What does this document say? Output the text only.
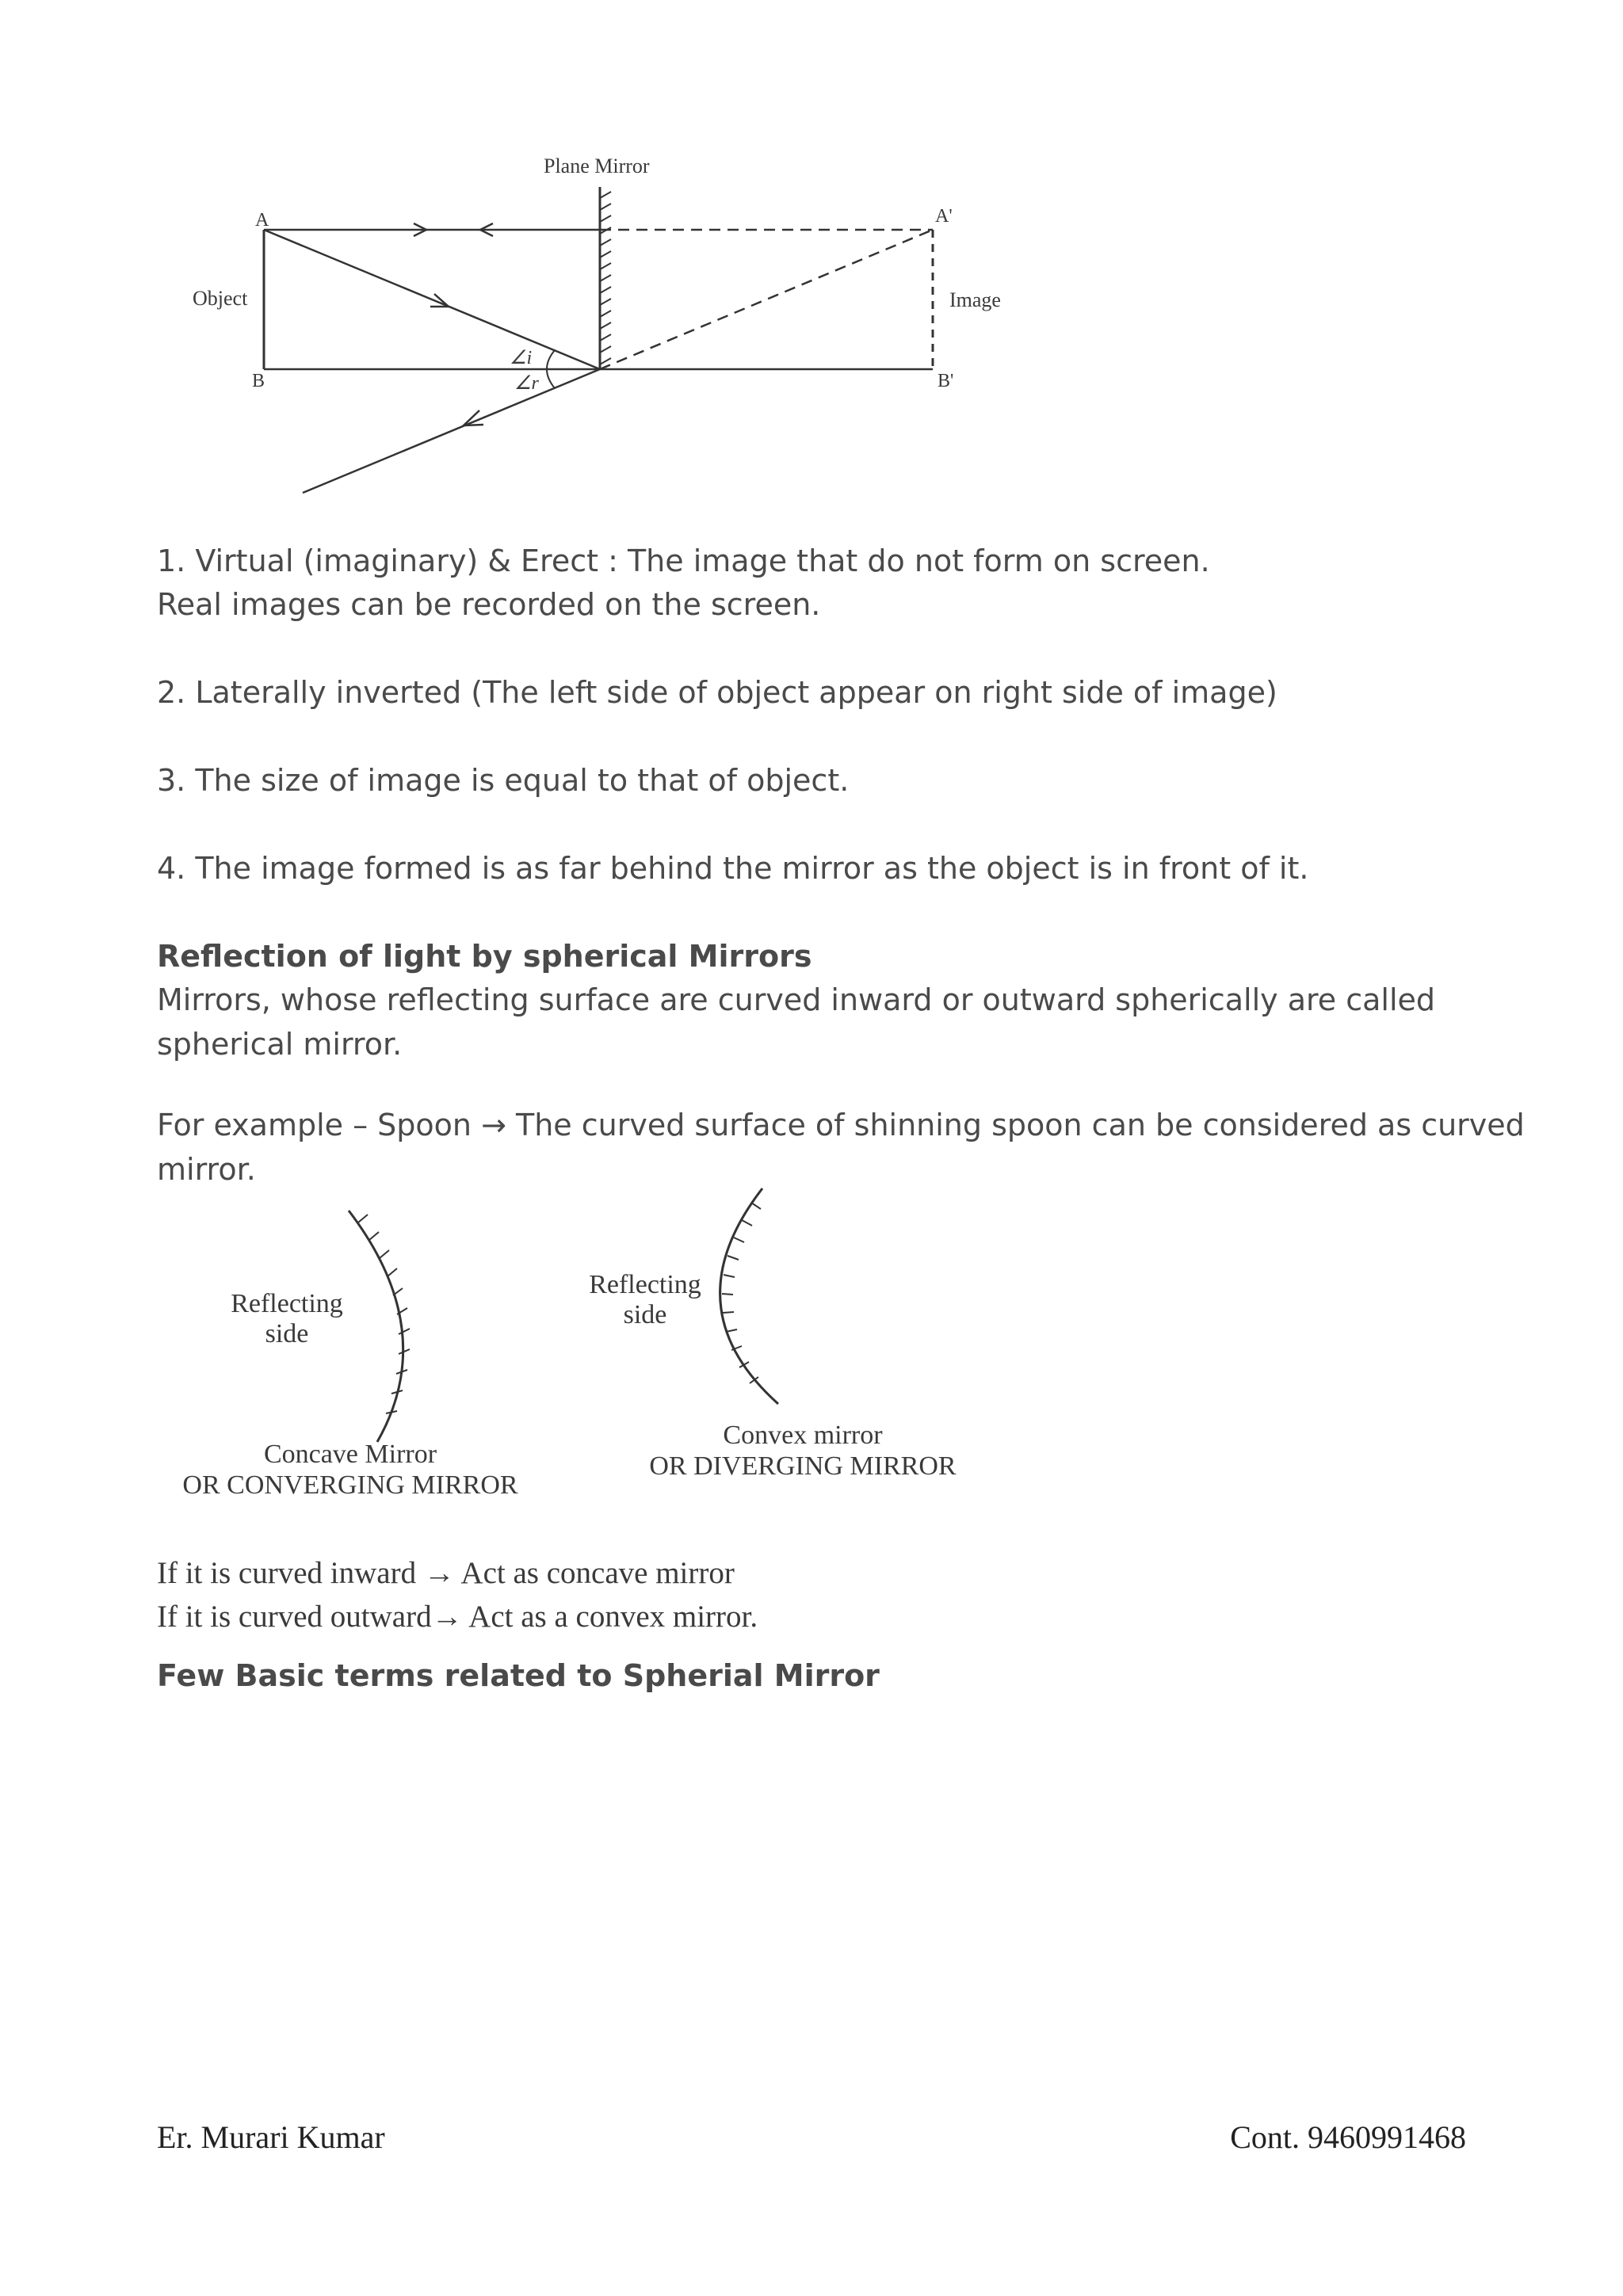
Plane Mirror
A
B
A'
B'
Object	Image
∠i
∠r
1. Virtual (imaginary) & Erect : The image that do not form on screen.
Real images can be recorded on the screen.
2. Laterally inverted (The left side of object appear on right side of image)
3. The size of image is equal to that of object.
4. The image formed is as far behind the mirror as the object is in front of it.
Reflection of light by spherical Mirrors
Mirrors, whose reflecting surface are curved inward or outward spherically are called
spherical mirror.
For example – Spoon → The curved surface of shinning spoon can be considered as curved
mirror.
Reflecting
side
Concave Mirror
OR CONVERGING MIRROR
Reflecting
side
Convex mirror
OR DIVERGING MIRROR
If it is curved inward → Act as concave mirror
If it is curved outward→ Act as a convex mirror.
Few Basic terms related to Spherial Mirror
Er. Murari Kumar	Cont. 9460991468
